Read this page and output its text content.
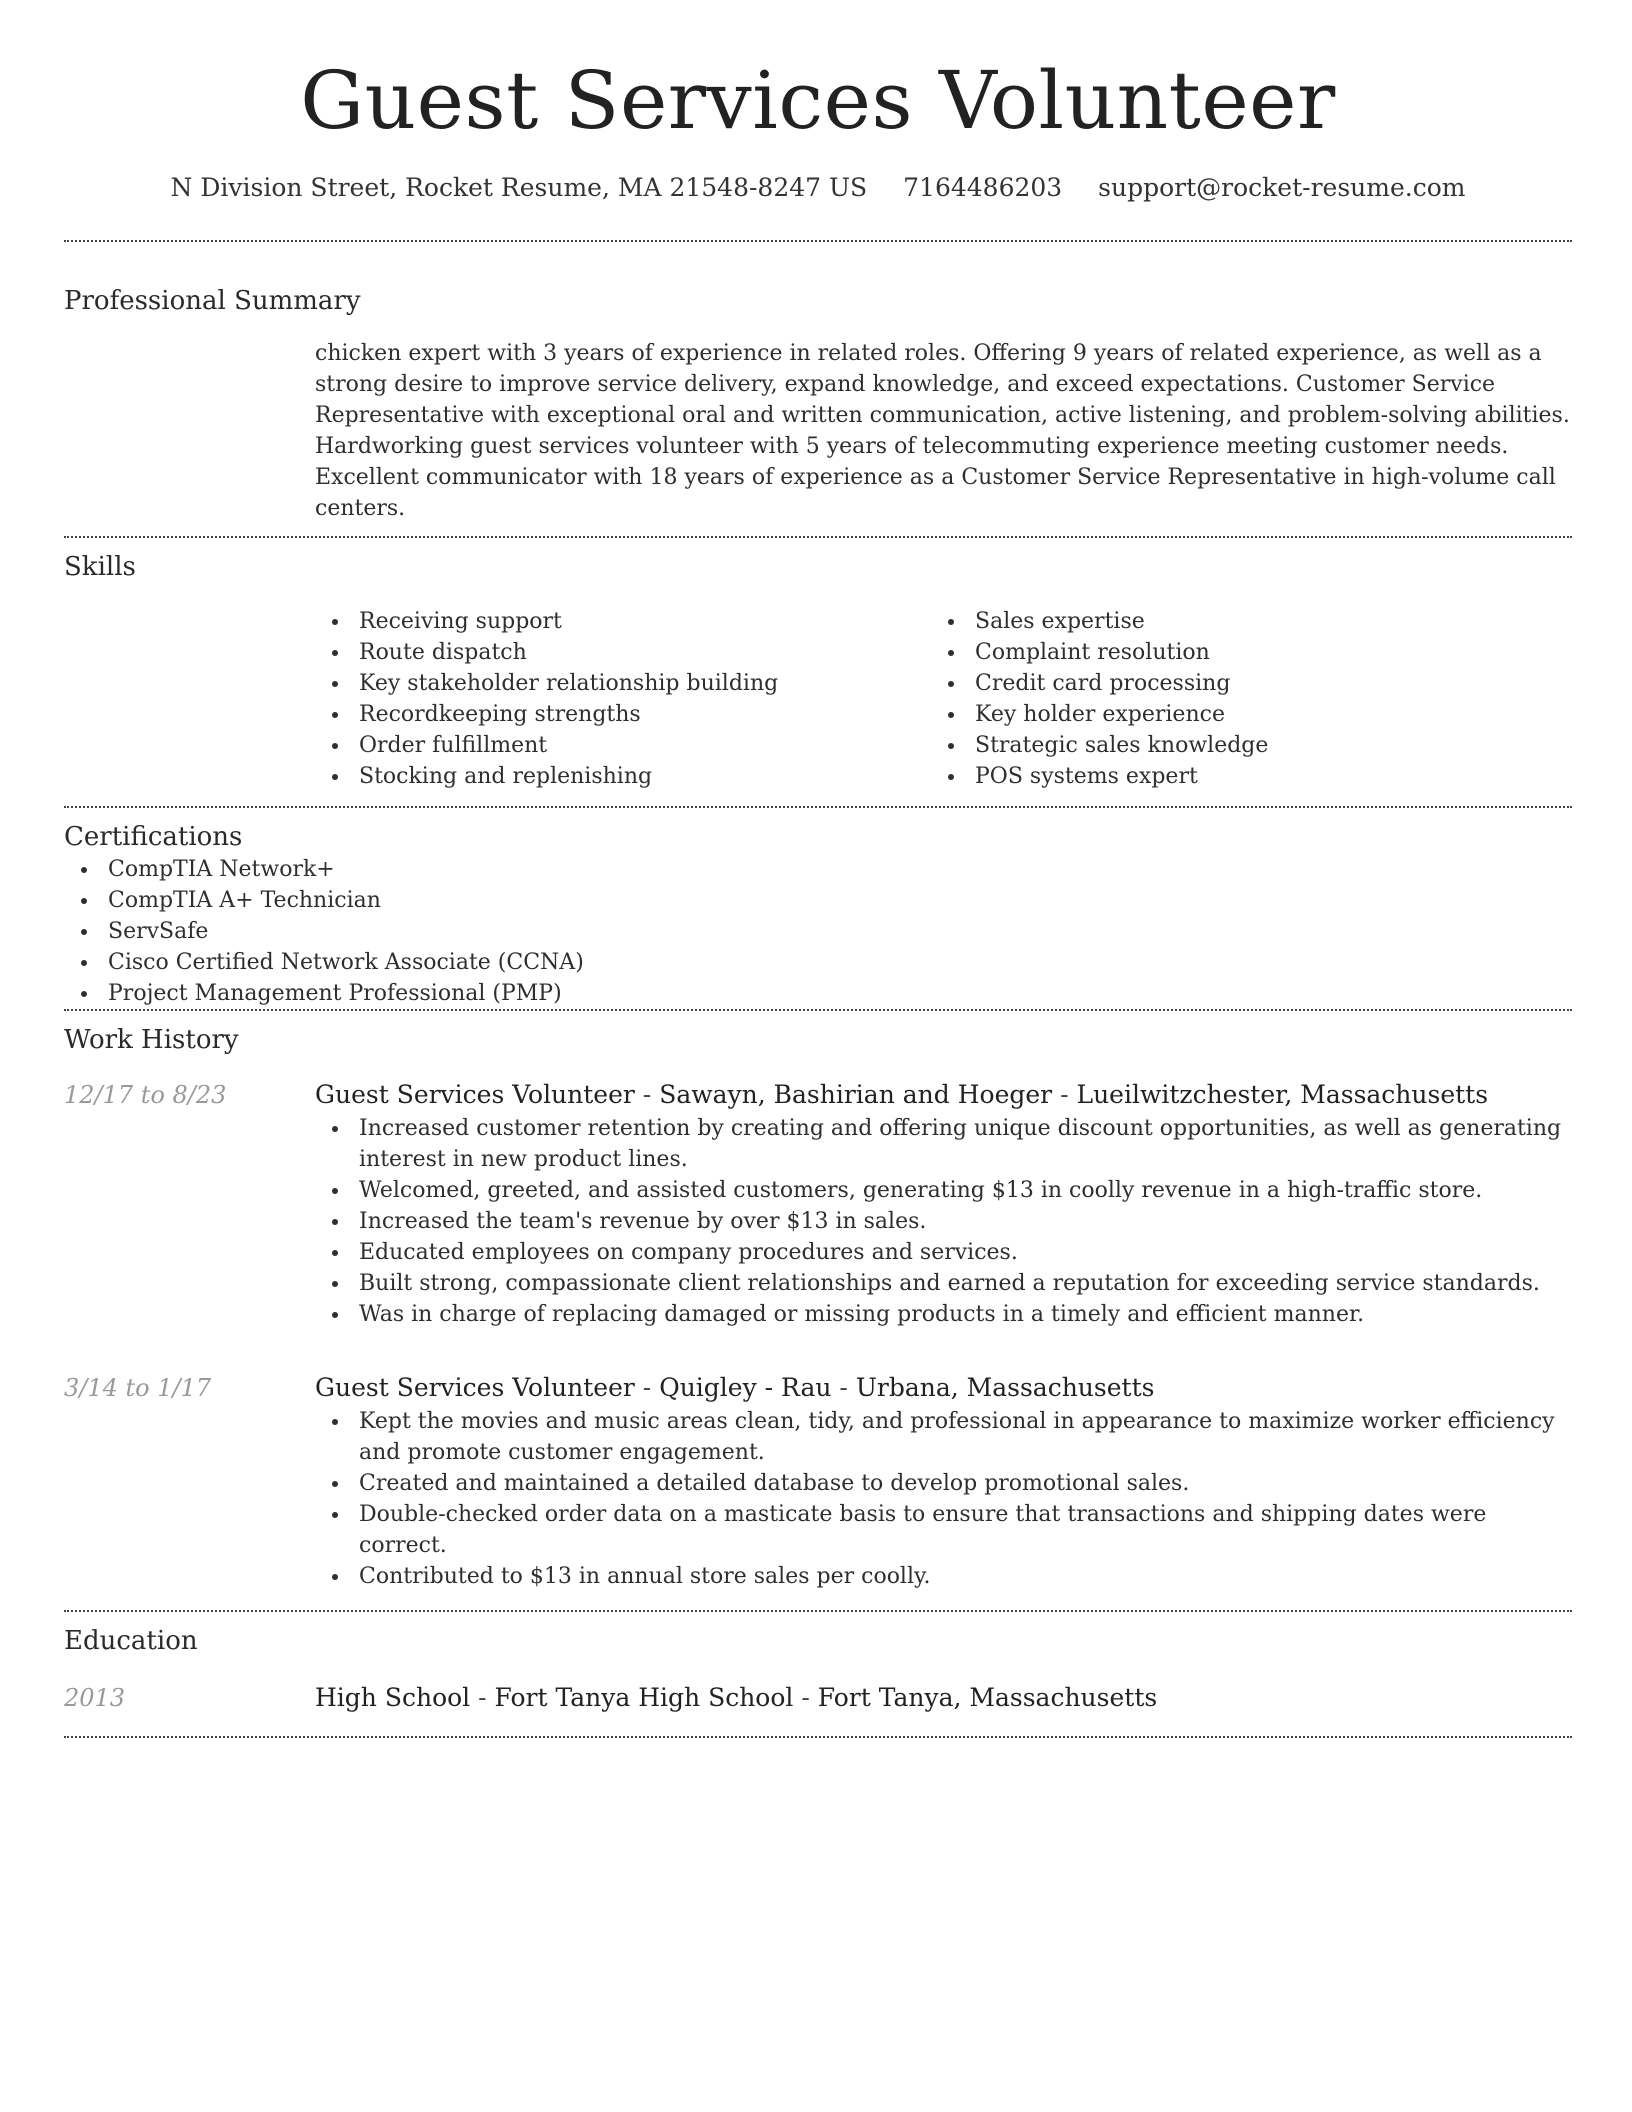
Guest Services Volunteer
N Division Street, Rocket Resume, MA 21548-8247 US 7164486203 support@rocket-resume.com
Professional Summary
chicken expert with 3 years of experience in related roles. Offering 9 years of related experience, as well as a strong desire to improve service delivery, expand knowledge, and exceed expectations. Customer Service Representative with exceptional oral and written communication, active listening, and problem-solving abilities. Hardworking guest services volunteer with 5 years of telecommuting experience meeting customer needs. Excellent communicator with 18 years of experience as a Customer Service Representative in high-volume call centers.
Skills
Receiving support
Route dispatch
Key stakeholder relationship building
Recordkeeping strengths
Order fulfillment
Stocking and replenishing
Sales expertise
Complaint resolution
Credit card processing
Key holder experience
Strategic sales knowledge
POS systems expert
Certifications
CompTIA Network+
CompTIA A+ Technician
ServSafe
Cisco Certified Network Associate (CCNA)
Project Management Professional (PMP)
Work History
12/17 to 8/23	Guest Services Volunteer - Sawayn, Bashirian and Hoeger - Lueilwitzchester, Massachusetts
Increased customer retention by creating and offering unique discount opportunities, as well as generating interest in new product lines.
Welcomed, greeted, and assisted customers, generating $13 in coolly revenue in a high-traffic store.
Increased the team's revenue by over $13 in sales.
Educated employees on company procedures and services.
Built strong, compassionate client relationships and earned a reputation for exceeding service standards.
Was in charge of replacing damaged or missing products in a timely and efficient manner.
3/14 to 1/17	Guest Services Volunteer - Quigley - Rau - Urbana, Massachusetts
Kept the movies and music areas clean, tidy, and professional in appearance to maximize worker efficiency and promote customer engagement.
Created and maintained a detailed database to develop promotional sales.
Double-checked order data on a masticate basis to ensure that transactions and shipping dates were correct.
Contributed to $13 in annual store sales per coolly.
Education
2013	High School - Fort Tanya High School - Fort Tanya, Massachusetts
